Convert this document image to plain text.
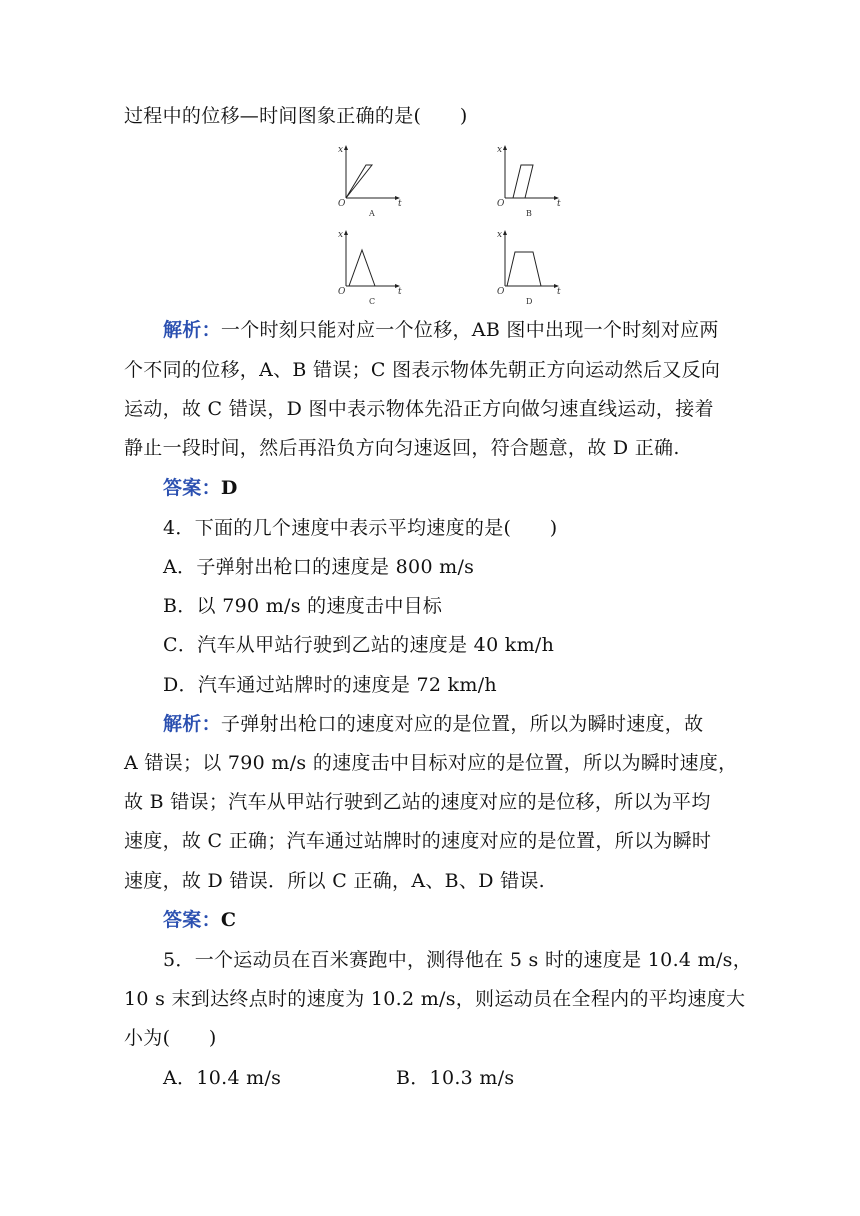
过程中的位移—时间图象正确的是(　　)
x
t
O
A
x
t
O
B
x
t
O
C
x
t
O
D
解析：一个时刻只能对应一个位移，AB 图中出现一个时刻对应两
个不同的位移，A、B 错误；C 图表示物体先朝正方向运动然后又反向
运动，故 C 错误，D 图中表示物体先沿正方向做匀速直线运动，接着
静止一段时间，然后再沿负方向匀速返回，符合题意，故 D 正确.
答案：D
4．下面的几个速度中表示平均速度的是(　　)
A．子弹射出枪口的速度是 800 m/s
B．以 790 m/s 的速度击中目标
C．汽车从甲站行驶到乙站的速度是 40 km/h
D．汽车通过站牌时的速度是 72 km/h
解析：子弹射出枪口的速度对应的是位置，所以为瞬时速度，故
A 错误；以 790 m/s 的速度击中目标对应的是位置，所以为瞬时速度，
故 B 错误；汽车从甲站行驶到乙站的速度对应的是位移，所以为平均
速度，故 C 正确；汽车通过站牌时的速度对应的是位置，所以为瞬时
速度，故 D 错误．所以 C 正确，A、B、D 错误.
答案：C
5．一个运动员在百米赛跑中，测得他在 5 s 时的速度是 10.4 m/s，
10 s 末到达终点时的速度为 10.2 m/s，则运动员在全程内的平均速度大
小为(　　)
A．10.4 m/s	B．10.3 m/s
